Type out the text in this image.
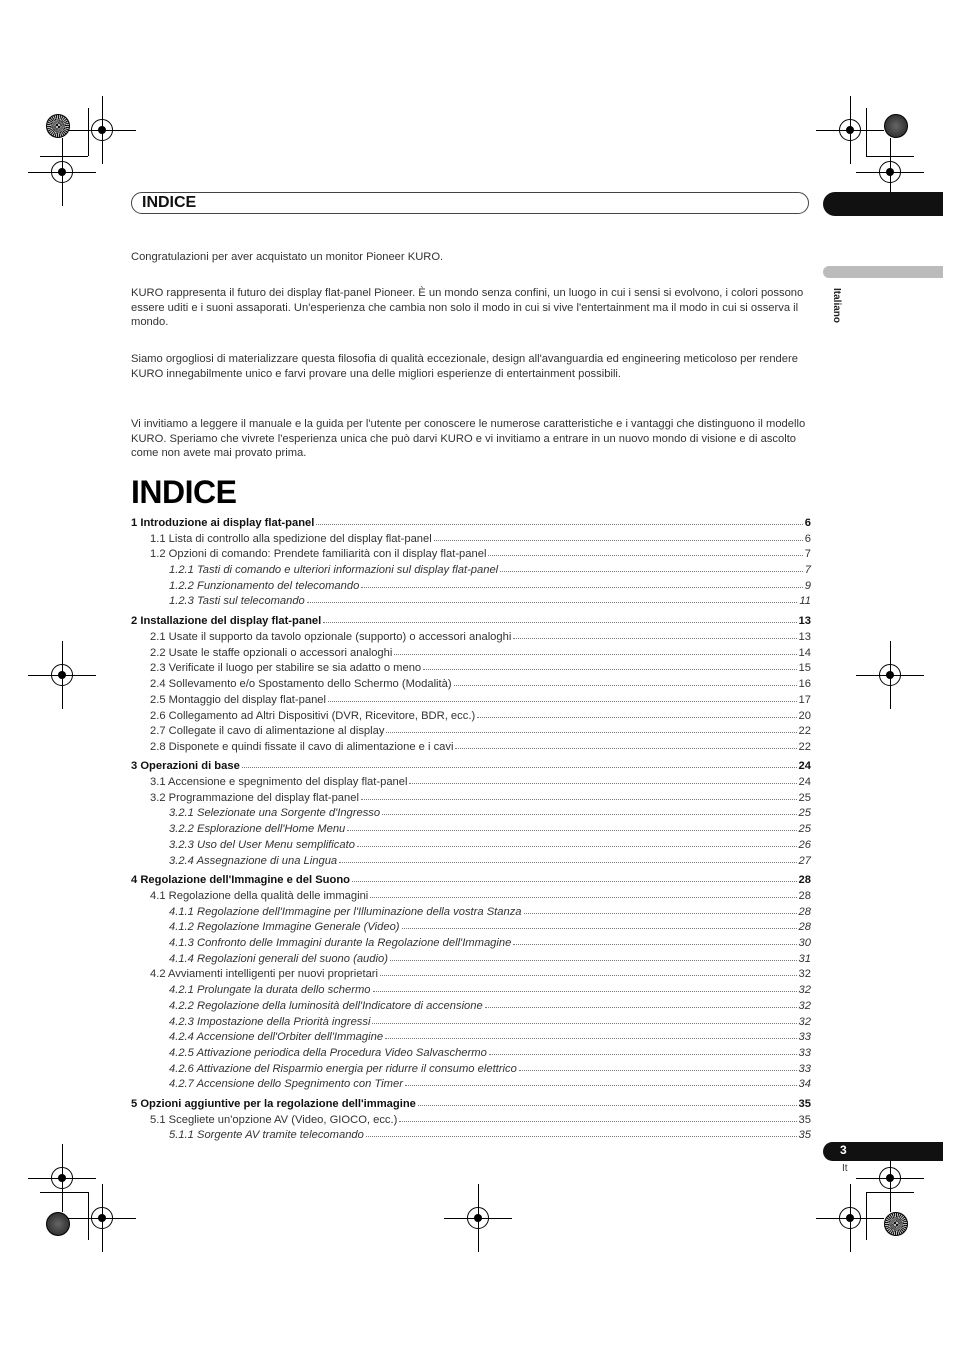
INDICE
Italiano
Congratulazioni per aver acquistato un monitor Pioneer KURO.
KURO rappresenta il futuro dei display flat-panel Pioneer. È un mondo senza confini, un luogo in cui i sensi si evolvono, i colori possono essere uditi e i suoni assaporati. Un'esperienza che cambia non solo il modo in cui si vive l'entertainment ma il modo in cui si osserva il mondo.
Siamo orgogliosi di materializzare questa filosofia di qualità eccezionale, design all'avanguardia ed engineering meticoloso per rendere KURO innegabilmente unico e farvi provare una delle migliori esperienze di entertainment possibili.
Vi invitiamo a leggere il manuale e la guida per l'utente per conoscere le numerose caratteristiche e i vantaggi che distinguono il modello KURO. Speriamo che vivrete l'esperienza unica che può darvi KURO e vi invitiamo a entrare in un nuovo mondo di visione e di ascolto come non avete mai provato prima.
INDICE
1 Introduzione ai display flat-panel	6
1.1 Lista di controllo alla spedizione del display flat-panel	6
1.2 Opzioni di comando: Prendete familiarità con il display flat-panel	7
1.2.1 Tasti di comando e ulteriori informazioni sul display flat-panel	7
1.2.2 Funzionamento del telecomando	9
1.2.3 Tasti sul telecomando	11
2 Installazione del display flat-panel	13
2.1 Usate il supporto da tavolo opzionale (supporto) o accessori analoghi	13
2.2 Usate le staffe opzionali o accessori analoghi	14
2.3 Verificate il luogo per stabilire se sia adatto o meno	15
2.4 Sollevamento e/o Spostamento dello Schermo (Modalità)	16
2.5 Montaggio del display flat-panel	17
2.6 Collegamento ad Altri Dispositivi (DVR, Ricevitore, BDR, ecc.)	20
2.7 Collegate il cavo di alimentazione al display	22
2.8 Disponete e quindi fissate il cavo di alimentazione e i cavi	22
3 Operazioni di base	24
3.1 Accensione e spegnimento del display flat-panel	24
3.2 Programmazione del display flat-panel	25
3.2.1 Selezionate una Sorgente d'Ingresso	25
3.2.2 Esplorazione dell'Home Menu	25
3.2.3 Uso del User Menu semplificato	26
3.2.4 Assegnazione di una Lingua	27
4 Regolazione dell'Immagine e del Suono	28
4.1 Regolazione della qualità delle immagini	28
4.1.1 Regolazione dell'Immagine per l'Illuminazione della vostra Stanza	28
4.1.2 Regolazione Immagine Generale (Video)	28
4.1.3 Confronto delle Immagini durante la Regolazione dell'Immagine	30
4.1.4 Regolazioni generali del suono (audio)	31
4.2 Avviamenti intelligenti per nuovi proprietari	32
4.2.1 Prolungate la durata dello schermo	32
4.2.2 Regolazione della luminosità dell'Indicatore di accensione	32
4.2.3 Impostazione della Priorità ingressi	32
4.2.4 Accensione dell'Orbiter dell'Immagine	33
4.2.5 Attivazione periodica della Procedura Video Salvaschermo	33
4.2.6 Attivazione del Risparmio energia per ridurre il consumo elettrico	33
4.2.7 Accensione dello Spegnimento con Timer	34
5 Opzioni aggiuntive per la regolazione dell'immagine	35
5.1 Scegliete un'opzione AV (Video, GIOCO, ecc.)	35
5.1.1 Sorgente AV tramite telecomando	35
3
It
